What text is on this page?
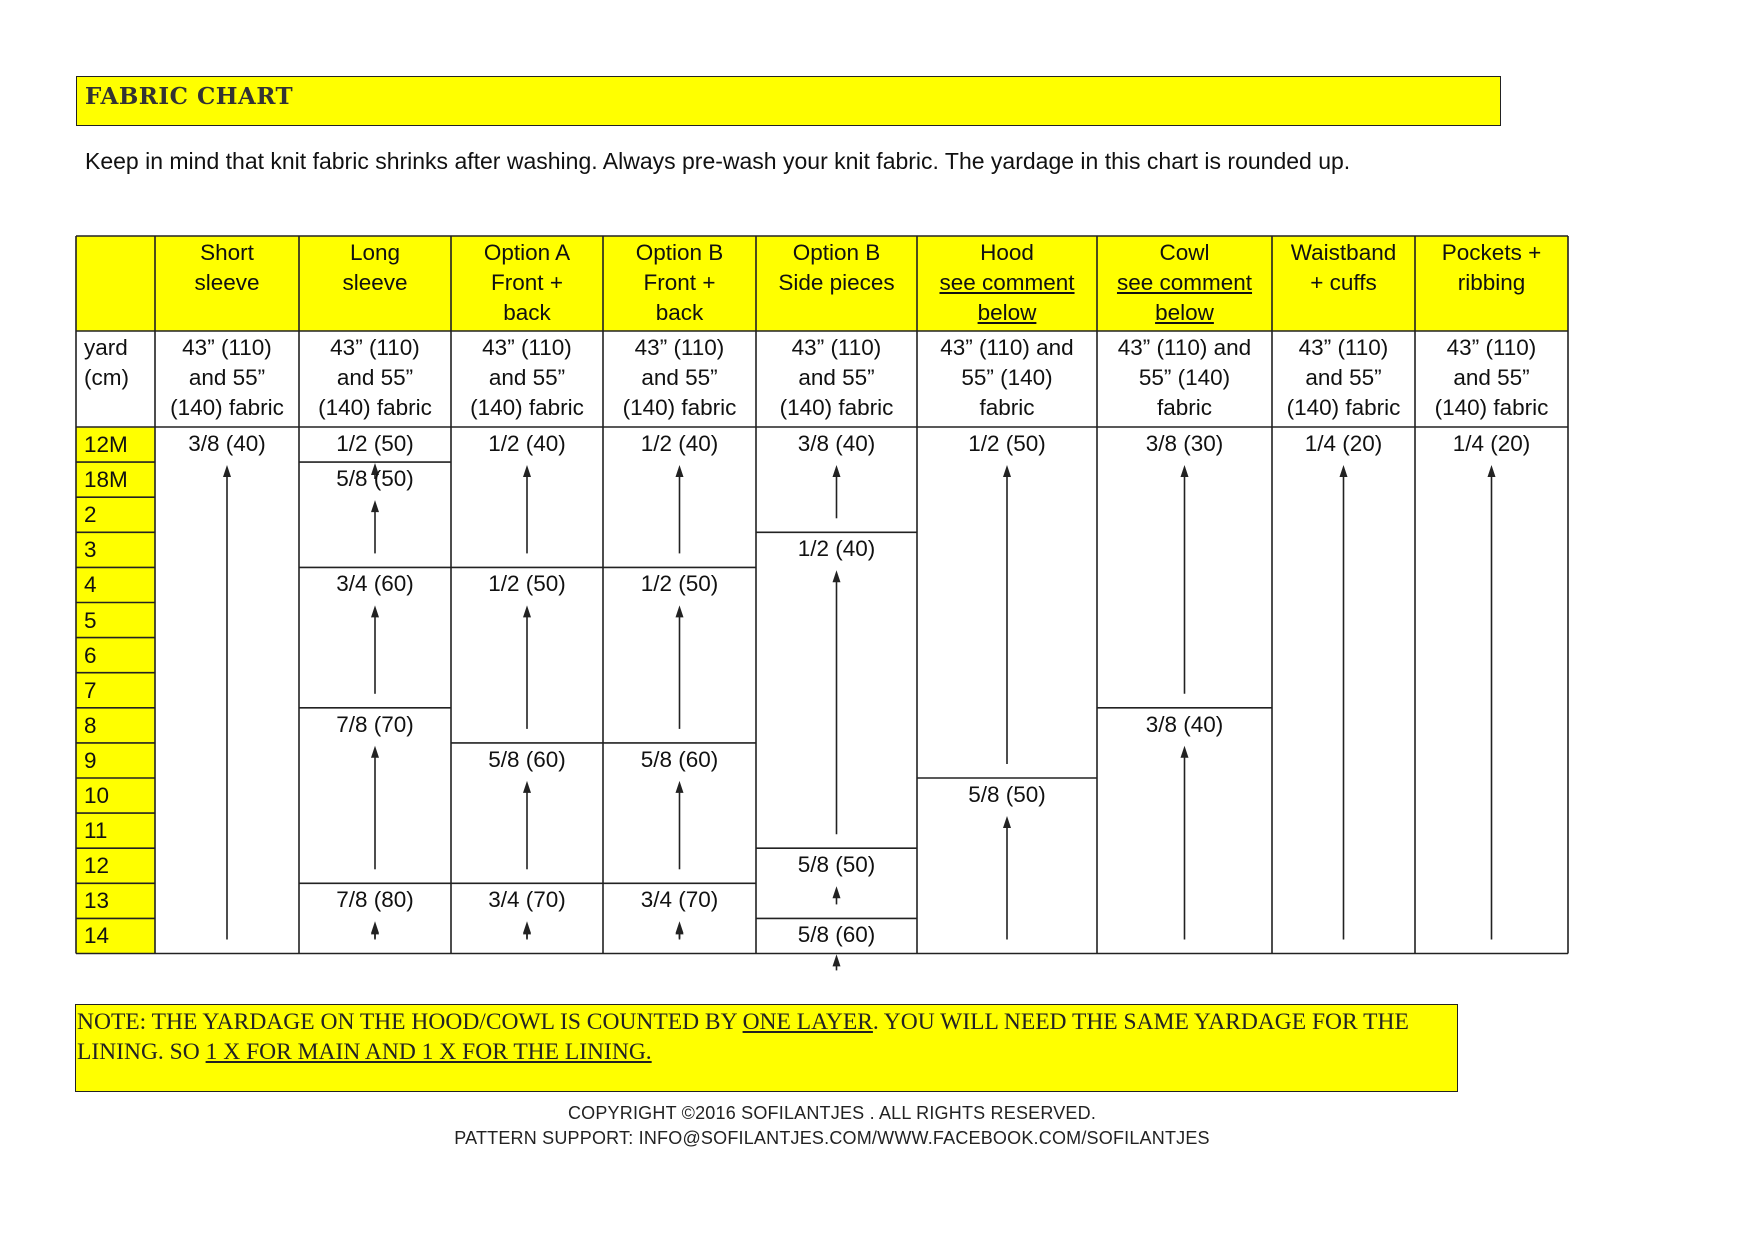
FABRIC CHART
Keep in mind that knit fabric shrinks after washing. Always pre-wash your knit fabric. The yardage in this chart is rounded up.
12M
18M
2
3
4
5
6
7
8
9
10
11
12
13
14
yard
(cm)
Short
sleeve
43” (110)
and 55”
(140) fabric
3/8 (40)
Long
sleeve
43” (110)
and 55”
(140) fabric
1/2 (50)
5/8 (50)
3/4 (60)
7/8 (70)
7/8 (80)
Option A
Front +
back
43” (110)
and 55”
(140) fabric
1/2 (40)
1/2 (50)
5/8 (60)
3/4 (70)
Option B
Front +
back
43” (110)
and 55”
(140) fabric
1/2 (40)
1/2 (50)
5/8 (60)
3/4 (70)
Option B
Side pieces
43” (110)
and 55”
(140) fabric
3/8 (40)
1/2 (40)
5/8 (50)
5/8 (60)
Hood
see comment
below
43” (110) and
55” (140)
fabric
1/2 (50)
5/8 (50)
Cowl
see comment
below
43” (110) and
55” (140)
fabric
3/8 (30)
3/8 (40)
Waistband
+ cuffs
43” (110)
and 55”
(140) fabric
1/4 (20)
Pockets +
ribbing
43” (110)
and 55”
(140) fabric
1/4 (20)
NOTE: THE YARDAGE ON THE HOOD/COWL IS COUNTED BY ONE LAYER. YOU WILL NEED THE SAME YARDAGE FOR THE LINING. SO 1 X FOR MAIN AND 1 X FOR THE LINING.
COPYRIGHT ©2016 SOFILANTJES . ALL RIGHTS RESERVED.
PATTERN SUPPORT: INFO@SOFILANTJES.COM/WWW.FACEBOOK.COM/SOFILANTJES
